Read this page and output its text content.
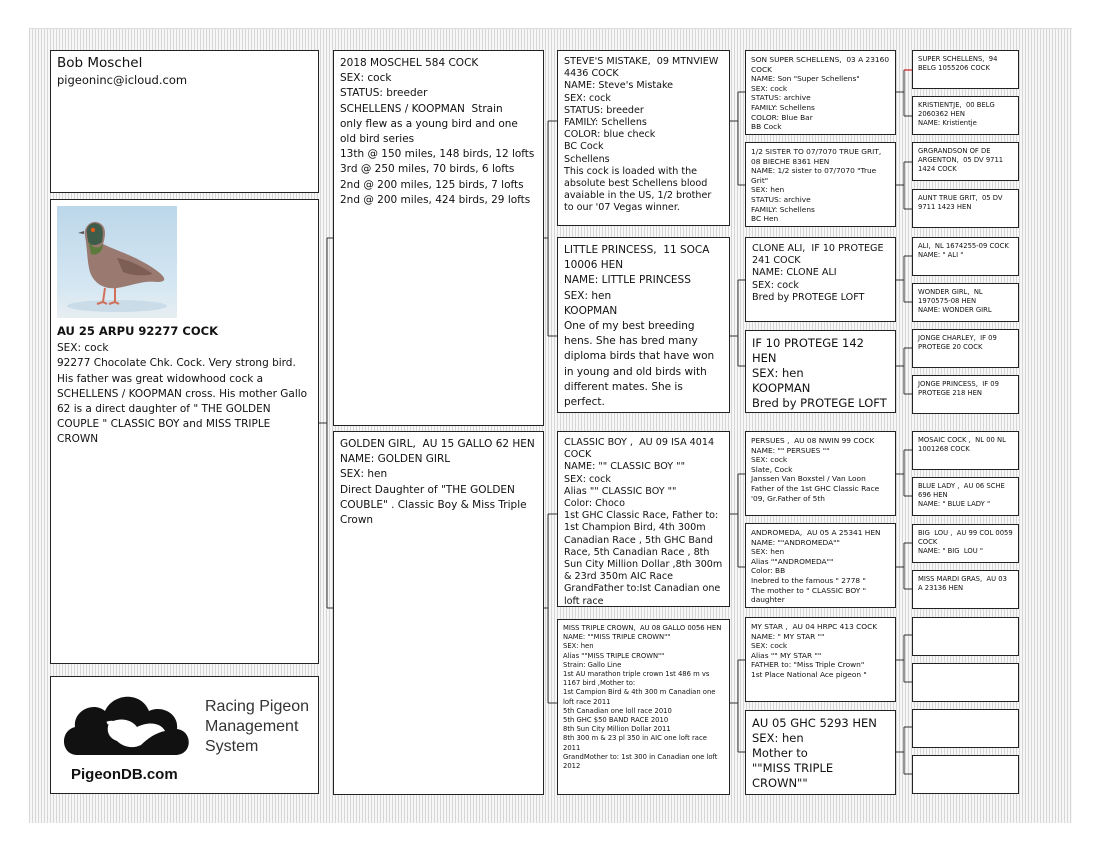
Bob Moschel
pigeoninc@icloud.com
AU 25 ARPU 92277 COCK
SEX: cock
92277 Chocolate Chk. Cock. Very strong bird. His father was great widowhood cock a SCHELLENS / KOOPMAN cross. His mother Gallo 62 is a direct daughter of " THE GOLDEN COUPLE " CLASSIC BOY and MISS TRIPLE CROWN
Racing Pigeon
Management
System
PigeonDB.com
2018 MOSCHEL 584 COCK
SEX: cock
STATUS: breeder
SCHELLENS / KOOPMAN  Strain
only flew as a young bird and one old bird series
13th @ 150 miles, 148 birds, 12 lofts
3rd @ 250 miles, 70 birds, 6 lofts
2nd @ 200 miles, 125 birds, 7 lofts
2nd @ 200 miles, 424 birds, 29 lofts
GOLDEN GIRL,  AU 15 GALLO 62 HEN
NAME: GOLDEN GIRL
SEX: hen
Direct Daughter of "THE GOLDEN COUBLE" . Classic Boy & Miss Triple Crown
STEVE'S MISTAKE,  09 MTNVIEW 4436 COCK
NAME: Steve's Mistake
SEX: cock
STATUS: breeder
FAMILY: Schellens
COLOR: blue check
BC Cock
Schellens
This cock is loaded with the absolute best Schellens blood avaiable in the US, 1/2 brother to our '07 Vegas winner.
LITTLE PRINCESS,  11 SOCA 10006 HEN
NAME: LITTLE PRINCESS
SEX: hen
KOOPMAN
One of my best breeding hens. She has bred many diploma birds that have won in young and old birds with different mates. She is perfect.
CLASSIC BOY ,  AU 09 ISA 4014 COCK
NAME: "" CLASSIC BOY ""
SEX: cock
Alias "" CLASSIC BOY ""
Color: Choco
1st GHC Classic Race, Father to:
1st Champion Bird, 4th 300m Canadian Race , 5th GHC Band Race, 5th Canadian Race , 8th Sun City Million Dollar ,8th 300m & 23rd 350m AIC Race
GrandFather to:Ist Canadian one loft race
MISS TRIPLE CROWN,  AU 08 GALLO 0056 HEN
NAME: ""MISS TRIPLE CROWN""
SEX: hen
Alias ""MISS TRIPLE CROWN""
Strain: Gallo Line
1st AU marathon triple crown 1st 486 m vs 1167 bird ,Mother to:
1st Campion Bird & 4th 300 m Canadian one loft race 2011
5th Canadian one loll race 2010
5th GHC $50 BAND RACE 2010
8th Sun City Million Dollar 2011
8th 300 m & 23 pl 350 in AIC one loft race 2011
GrandMother to: 1st 300 in Canadian one loft 2012
SON SUPER SCHELLENS,  03 A 23160 COCK
NAME: Son "Super Schellens"
SEX: cock
STATUS: archive
FAMILY: Schellens
COLOR: Blue Bar
BB Cock
1/2 SISTER TO 07/7070 TRUE GRIT,  08 BIECHE 8361 HEN
NAME: 1/2 sister to 07/7070 "True Grit"
SEX: hen
STATUS: archive
FAMILY: Schellens
BC Hen
CLONE ALI,  IF 10 PROTEGE 241 COCK
NAME: CLONE ALI
SEX: cock
Bred by PROTEGE LOFT
IF 10 PROTEGE 142 HEN
SEX: hen
KOOPMAN
Bred by PROTEGE LOFT
PERSUES ,  AU 08 NWIN 99 COCK
NAME: "" PERSUES ""
SEX: cock
Slate, Cock
Janssen Van Boxstel / Van Loon
Father of the 1st GHC Classic Race '09, Gr.Father of 5th
ANDROMEDA,  AU 05 A 25341 HEN
NAME: ""ANDROMEDA""
SEX: hen
Alias ""ANDROMEDA""
Color: BB
Inebred to the famous " 2778 "
The mother to " CLASSIC BOY " daughter
MY STAR ,  AU 04 HRPC 413 COCK
NAME: " MY STAR ""
SEX: cock
Alias "" MY STAR ""
FATHER to: "Miss Triple Crown"
1st Place National Ace pigeon "
AU 05 GHC 5293 HEN
SEX: hen
Mother to
""MISS TRIPLE CROWN""
SUPER SCHELLENS,  94 BELG 1055206 COCK
KRISTIENTJE,  00 BELG 2060362 HEN
NAME: Kristientje
GRGRANDSON OF DE ARGENTON,  05 DV 9711 1424 COCK
AUNT TRUE GRIT,  05 DV 9711 1423 HEN
ALI,  NL 1674255-09 COCK
NAME: " ALI "
WONDER GIRL,  NL 1970575-08 HEN
NAME: WONDER GIRL
JONGE CHARLEY,  IF 09 PROTEGE 20 COCK
JONGE PRINCESS,  IF 09 PROTEGE 218 HEN
MOSAIC COCK ,  NL 00 NL 1001268 COCK
BLUE LADY ,  AU 06 SCHE 696 HEN
NAME: " BLUE LADY "
BIG  LOU ,  AU 99 COL 0059 COCK
NAME: " BIG  LOU "
MISS MARDI GRAS,  AU 03 A 23136 HEN
